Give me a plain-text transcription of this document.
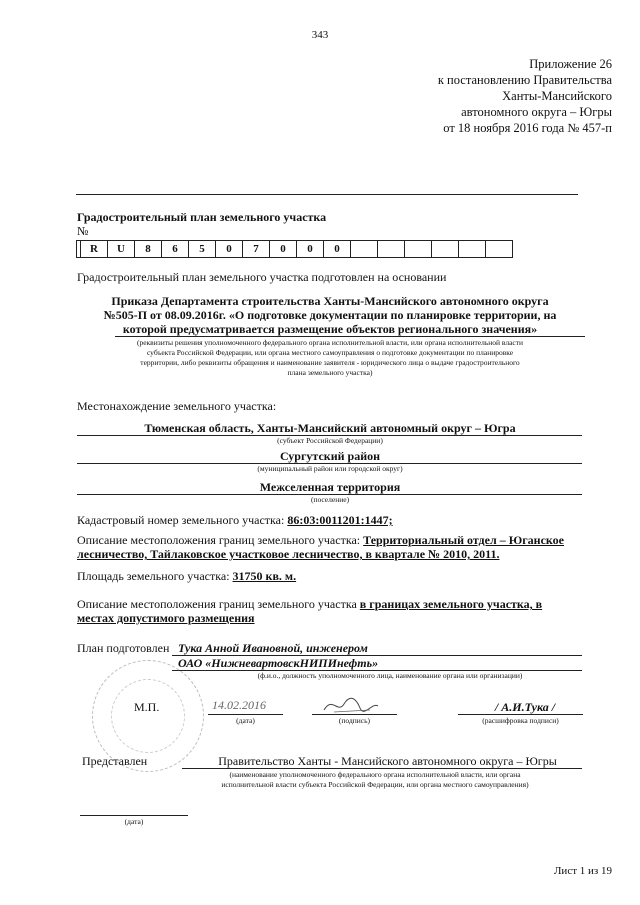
343
Приложение 26
к постановлению Правительства
Ханты-Мансийского
автономного округа – Югры
от 18 ноября 2016 года № 457-п
Градостроительный план земельного участка
№
R	U	8	6	5	0	7	0	0	0
Градостроительный план земельного участка подготовлен на основании
Приказа Департамента строительства Ханты-Мансийского автономного округа
№505-П от 08.09.2016г. «О подготовке документации по планировке территории, на
которой предусматривается размещение объектов регионального значения»
(реквизиты решения уполномоченного федерального органа исполнительной власти, или органа исполнительной власти
субъекта Российской Федерации, или органа местного самоуправления о подготовке документации по планировке
территории, либо реквизиты обращения и наименование заявителя - юридического лица о выдаче градостроительного
плана земельного участка)
Местонахождение земельного участка:
Тюменская область, Ханты-Мансийский автономный округ – Югра
(субъект Российской Федерации)
Сургутский район
(муниципальный район или городской округ)
Межселенная территория
(поселение)
Кадастровый номер земельного участка: 86:03:0011201:1447;
Описание местоположения границ земельного участка: Территориальный отдел – Юганское
лесничество, Тайлаковское участковое лесничество, в квартале № 2010, 2011.
Площадь земельного участка: 31750 кв. м.
Описание местоположения границ земельного участка в границах земельного участка, в
местах допустимого размещения
План подготовлен Тука Анной Ивановной, инженером
ОАО «НижневартовскНИПИнефть»
(ф.и.о., должность уполномоченного лица, наименование органа или организации)
М.П.	14.02.2016
(дата)	(подпись)
/ А.И.Тука /
(расшифровка подписи)
Представлен	Правительство Ханты - Мансийского автономного округа – Югры
(наименование уполномоченного федерального органа исполнительной власти, или органа
исполнительной власти субъекта Российской Федерации, или органа местного самоуправления)
(дата)
Лист 1 из 19
